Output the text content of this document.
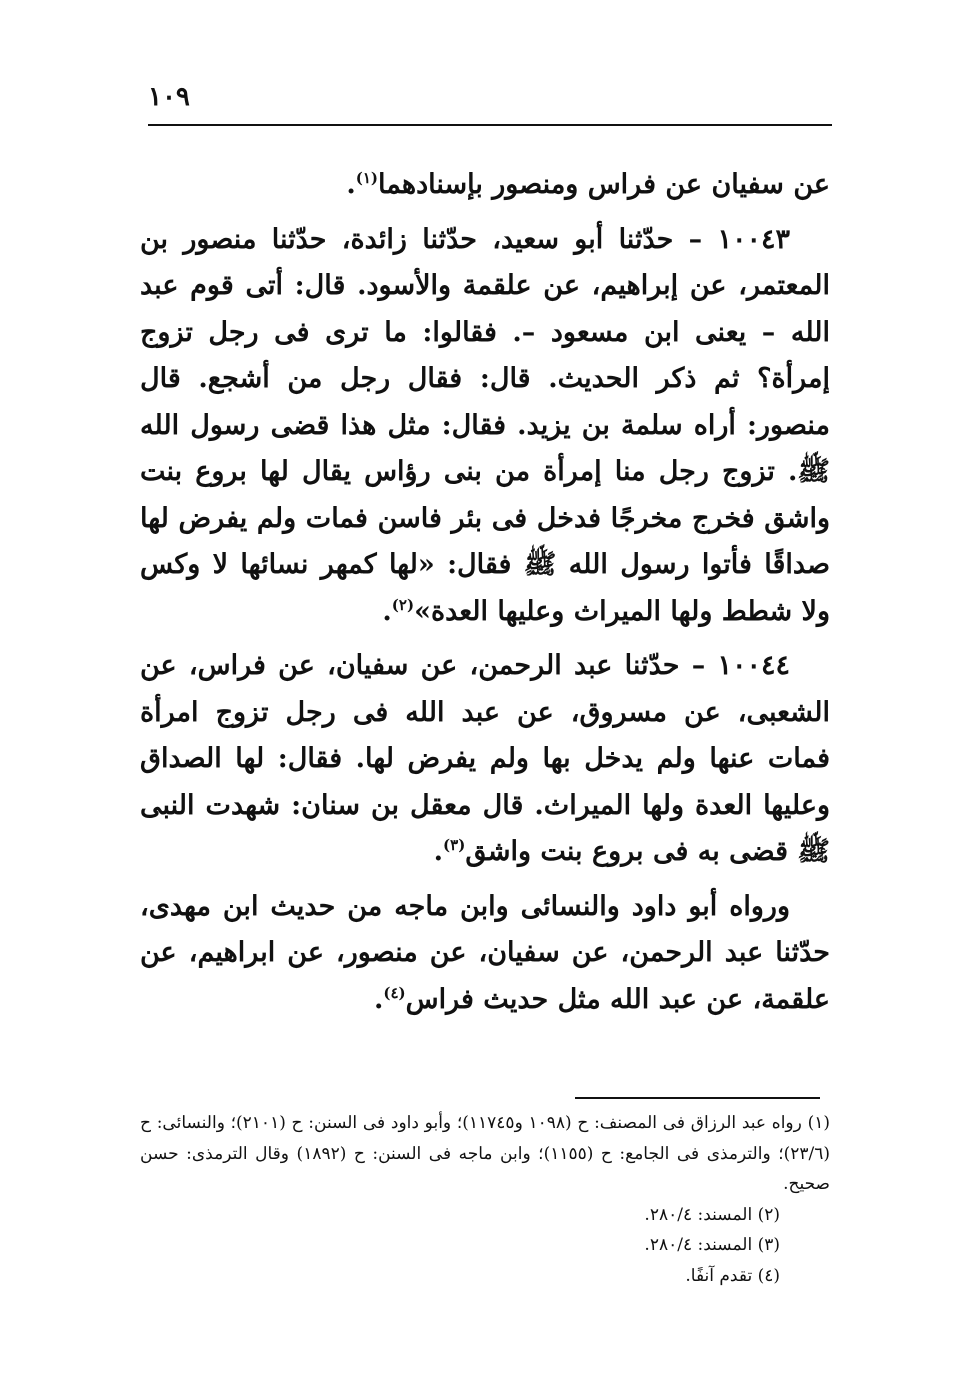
١٠٩

عن سفيان عن فراس ومنصور بإسنادهما$^{(١)}$.

١٠٠٤٣ – حدّثنا أبو سعيد، حدّثنا زائدة، حدّثنا منصور بن المعتمر، عن إبراهيم، عن علقمة والأسود. قال: أتى قوم عبد الله – يعنى ابن مسعود –. فقالوا: ما ترى فى رجل تزوج إمرأة؟ ثم ذكر الحديث. قال: فقال رجل من أشجع. قال منصور: أراه سلمة بن يزيد. فقال: مثل هذا قضى رسول الله ﷺ. تزوج رجل منا إمرأة من بنى رؤاس يقال لها بروع بنت واشق فخرج مخرجًا فدخل فى بئر فاسن فمات ولم يفرض لها صداقًا فأتوا رسول الله ﷺ فقال: «لها كمهر نسائها لا وكس ولا شطط ولها الميراث وعليها العدة»$^{(٢)}$.

١٠٠٤٤ – حدّثنا عبد الرحمن، عن سفيان، عن فراس، عن الشعبى، عن مسروق، عن عبد الله فى رجل تزوج امرأة فمات عنها ولم يدخل بها ولم يفرض لها. فقال: لها الصداق وعليها العدة ولها الميراث. قال معقل بن سنان: شهدت النبى ﷺ قضى به فى بروع بنت واشق$^{(٣)}$.

ورواه أبو داود والنسائى وابن ماجه من حديث ابن مهدى، حدّثنا عبد الرحمن، عن سفيان، عن منصور، عن ابراهيم، عن علقمة، عن عبد الله مثل حديث فراس$^{(٤)}$.

(١) رواه عبد الرزاق فى المصنف: ح (١٠٩٨ و١١٧٤٥)؛ وأبو داود فى السنن: ح (٢١٠١)؛ والنسائى: ح (٢٣/٦)؛ والترمذى فى الجامع: ح (١١٥٥)؛ وابن ماجه فى السنن: ح (١٨٩٢) وقال الترمذى: حسن صحيح.

(٢) المسند: ٢٨٠/٤.

(٣) المسند: ٢٨٠/٤.

(٤) تقدم آنفًا.
